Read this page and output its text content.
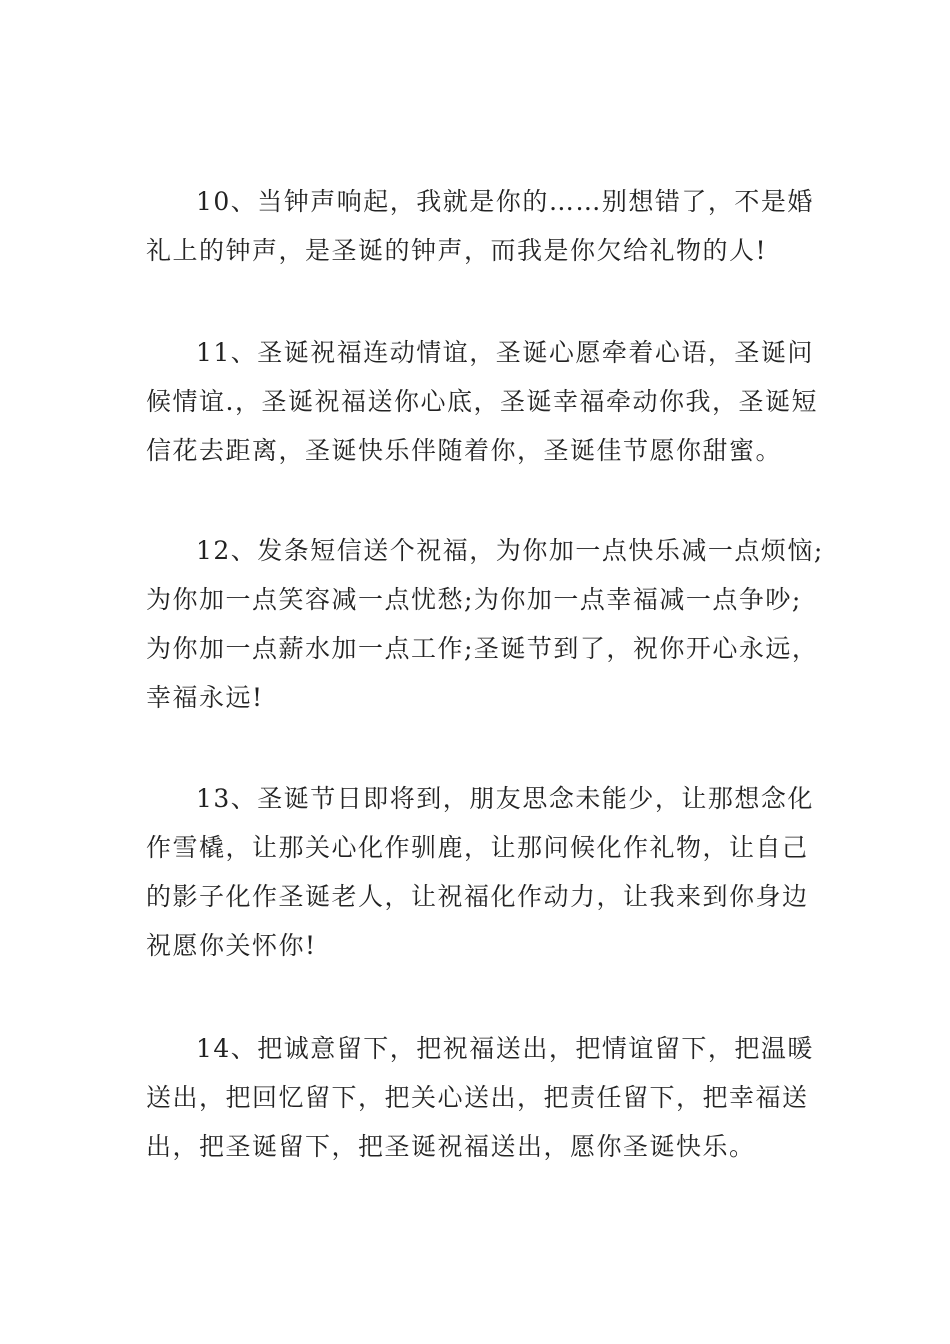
10、当钟声响起，我就是你的……别想错了，不是婚
礼上的钟声，是圣诞的钟声，而我是你欠给礼物的人!
11、圣诞祝福连动情谊，圣诞心愿牵着心语，圣诞问
候情谊.，圣诞祝福送你心底，圣诞幸福牵动你我，圣诞短
信花去距离，圣诞快乐伴随着你，圣诞佳节愿你甜蜜。
12、发条短信送个祝福，为你加一点快乐减一点烦恼;
为你加一点笑容减一点忧愁;为你加一点幸福减一点争吵;
为你加一点薪水加一点工作;圣诞节到了，祝你开心永远，
幸福永远!
13、圣诞节日即将到，朋友思念未能少，让那想念化
作雪橇，让那关心化作驯鹿，让那问候化作礼物，让自己
的影子化作圣诞老人，让祝福化作动力，让我来到你身边
祝愿你关怀你!
14、把诚意留下，把祝福送出，把情谊留下，把温暖
送出，把回忆留下，把关心送出，把责任留下，把幸福送
出，把圣诞留下，把圣诞祝福送出，愿你圣诞快乐。
